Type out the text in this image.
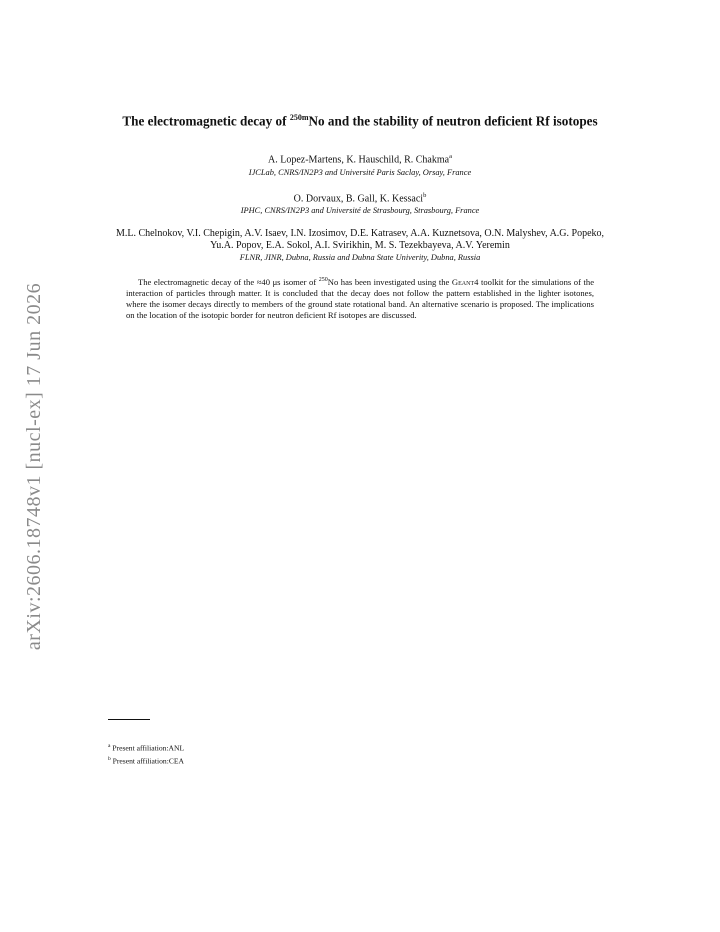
arXiv:2606.18748v1 [nucl-ex] 17 Jun 2026
The electromagnetic decay of $^{250m}$No and the stability of neutron deficient Rf isotopes
A. Lopez-Martens, K. Hauschild, R. Chakma$^a$
IJCLab, CNRS/IN2P3 and Université Paris Saclay, Orsay, France
O. Dorvaux, B. Gall, K. Kessaci$^b$
IPHC, CNRS/IN2P3 and Université de Strasbourg, Strasbourg, France
M.L. Chelnokov, V.I. Chepigin, A.V. Isaev, I.N. Izosimov, D.E. Katrasev, A.A. Kuznetsova, O.N. Malyshev, A.G. Popeko, Yu.A. Popov, E.A. Sokol, A.I. Svirikhin, M. S. Tezekbayeva, A.V. Yeremin
FLNR, JINR, Dubna, Russia and Dubna State Univerity, Dubna, Russia
The electromagnetic decay of the ≈40 μs isomer of $^{250}$No has been investigated using the Geant4 toolkit for the simulations of the interaction of particles through matter. It is concluded that the decay does not follow the pattern established in the lighter isotones, where the isomer decays directly to members of the ground state rotational band. An alternative scenario is proposed. The implications on the location of the isotopic border for neutron deficient Rf isotopes are discussed.
$^a$ Present affiliation:ANL
$^b$ Present affiliation:CEA
